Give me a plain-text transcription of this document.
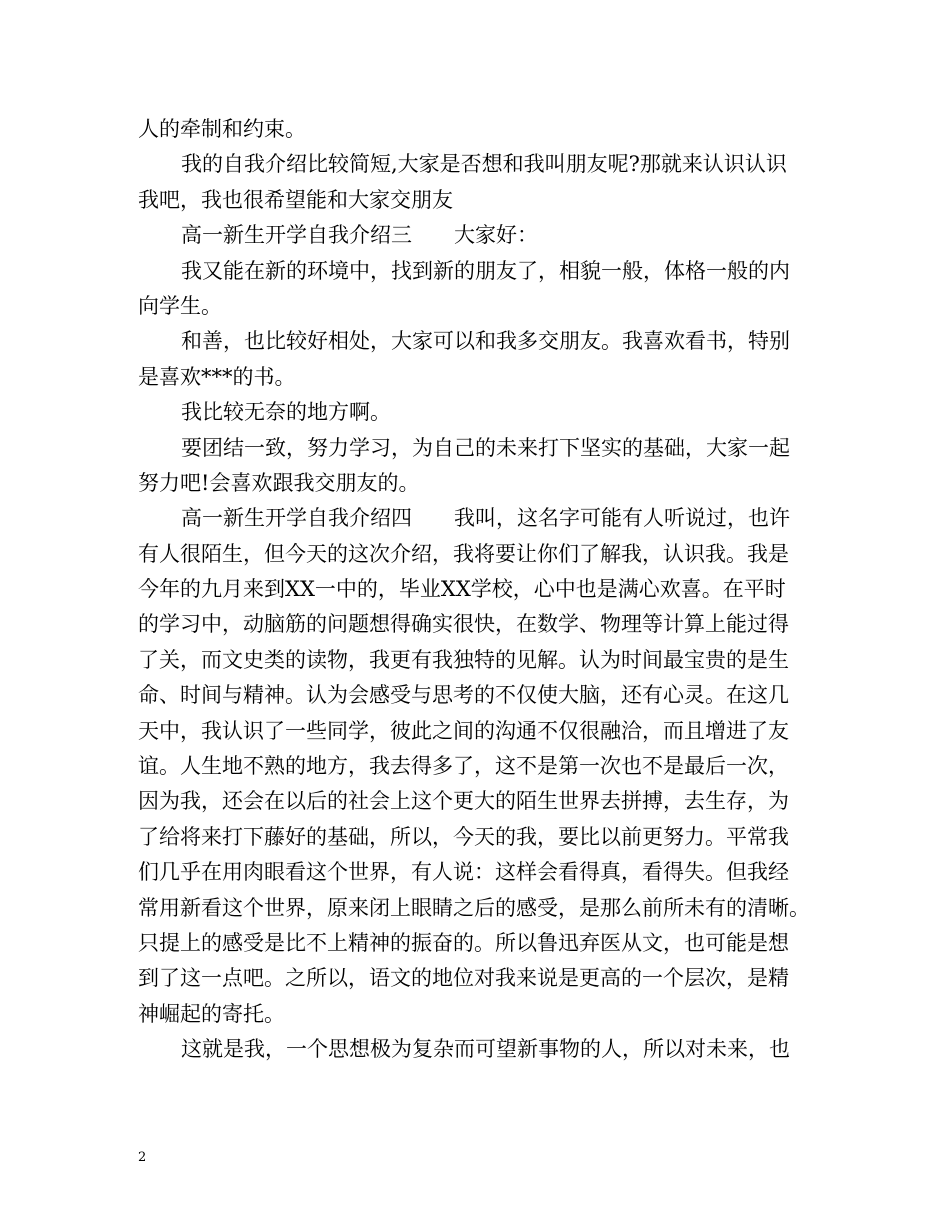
人的牵制和约束。
我的自我介绍比较简短,大家是否想和我叫朋友呢?那就来认识认识
我吧，我也很希望能和大家交朋友
高一新生开学自我介绍三　　大家好：
我又能在新的环境中，找到新的朋友了，相貌一般，体格一般的内
向学生。
和善，也比较好相处，大家可以和我多交朋友。我喜欢看书，特别
是喜欢***的书。
我比较无奈的地方啊。
要团结一致，努力学习，为自己的未来打下坚实的基础，大家一起
努力吧!会喜欢跟我交朋友的。
高一新生开学自我介绍四　　我叫，这名字可能有人听说过，也许
有人很陌生，但今天的这次介绍，我将要让你们了解我，认识我。我是
今年的九月来到XX一中的，毕业XX学校，心中也是满心欢喜。在平时
的学习中，动脑筋的问题想得确实很快，在数学、物理等计算上能过得
了关，而文史类的读物，我更有我独特的见解。认为时间最宝贵的是生
命、时间与精神。认为会感受与思考的不仅使大脑，还有心灵。在这几
天中，我认识了一些同学，彼此之间的沟通不仅很融洽，而且增进了友
谊。人生地不熟的地方，我去得多了，这不是第一次也不是最后一次，
因为我，还会在以后的社会上这个更大的陌生世界去拼搏，去生存，为
了给将来打下藤好的基础，所以，今天的我，要比以前更努力。平常我
们几乎在用肉眼看这个世界，有人说：这样会看得真，看得失。但我经
常用新看这个世界，原来闭上眼睛之后的感受，是那么前所未有的清晰。
只提上的感受是比不上精神的振奋的。所以鲁迅弃医从文，也可能是想
到了这一点吧。之所以，语文的地位对我来说是更高的一个层次，是精
神崛起的寄托。
这就是我，一个思想极为复杂而可望新事物的人，所以对未来，也
2
